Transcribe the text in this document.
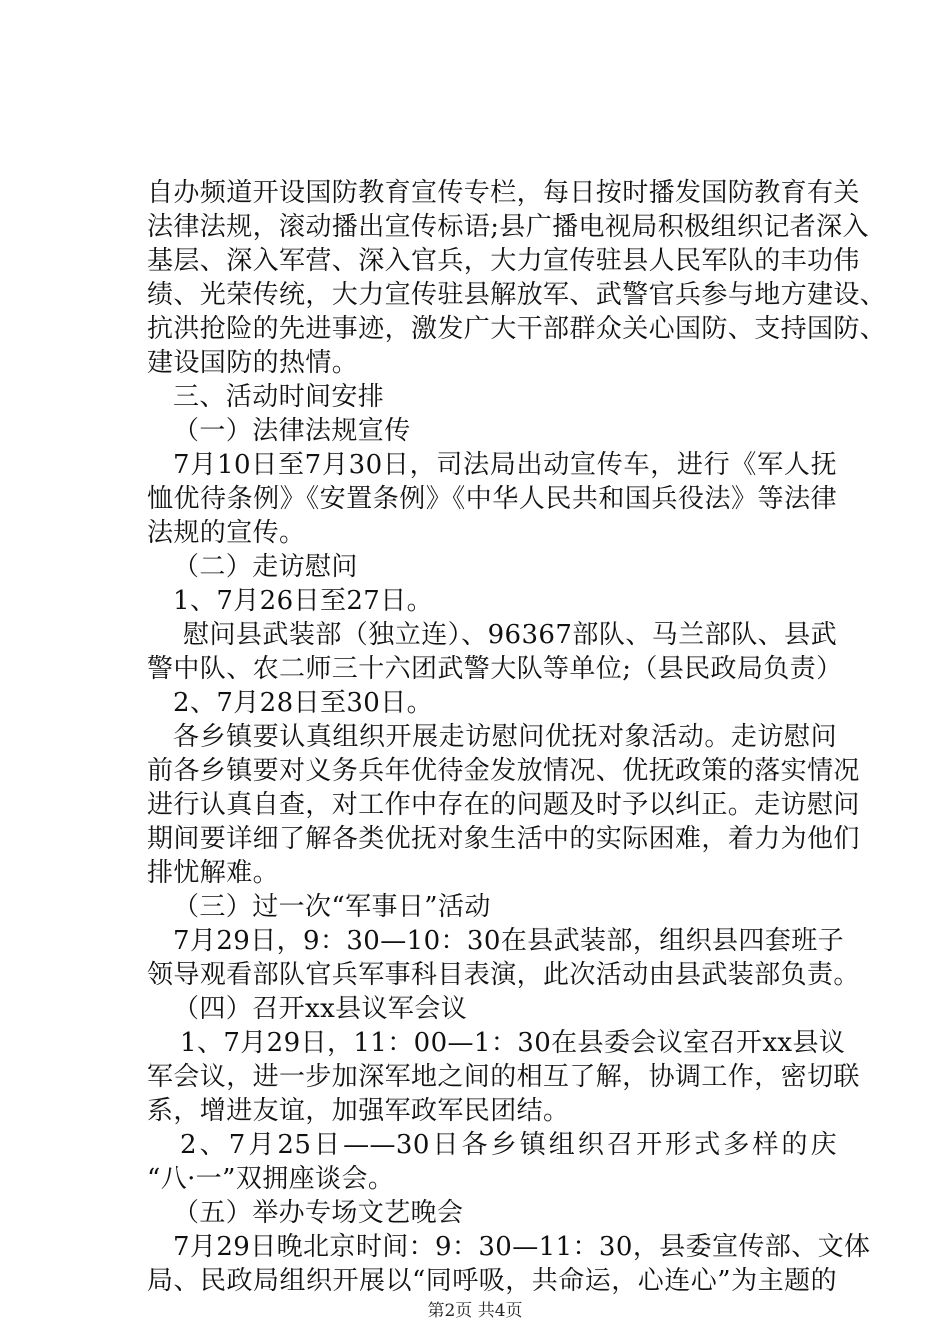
自办频道开设国防教育宣传专栏，每日按时播发国防教育有关
法律法规，滚动播出宣传标语;县广播电视局积极组织记者深入
基层、深入军营、深入官兵，大力宣传驻县人民军队的丰功伟
绩、光荣传统，大力宣传驻县解放军、武警官兵参与地方建设、
抗洪抢险的先进事迹，激发广大干部群众关心国防、支持国防、
建设国防的热情。
三、活动时间安排
（一）法律法规宣传
7月10日至7月30日，司法局出动宣传车，进行《军人抚
恤优待条例》《安置条例》《中华人民共和国兵役法》等法律
法规的宣传。
（二）走访慰问
1、7月26日至27日。
慰问县武装部（独立连）、96367部队、马兰部队、县武
警中队、农二师三十六团武警大队等单位;（县民政局负责）
2、7月28日至30日。
各乡镇要认真组织开展走访慰问优抚对象活动。走访慰问
前各乡镇要对义务兵年优待金发放情况、优抚政策的落实情况
进行认真自查，对工作中存在的问题及时予以纠正。走访慰问
期间要详细了解各类优抚对象生活中的实际困难，着力为他们
排忧解难。
（三）过一次“军事日”活动
7月29日，9：30—10：30在县武装部，组织县四套班子
领导观看部队官兵军事科目表演，此次活动由县武装部负责。
（四）召开xx县议军会议
1、7月29日，11：00—1：30在县委会议室召开xx县议
军会议，进一步加深军地之间的相互了解，协调工作，密切联
系，增进友谊，加强军政军民团结。
2、7月25日——30日各乡镇组织召开形式多样的庆
“八·一”双拥座谈会。
（五）举办专场文艺晚会
7月29日晚北京时间：9：30—11：30，县委宣传部、文体
局、民政局组织开展以“同呼吸，共命运，心连心”为主题的
第2页 共4页
